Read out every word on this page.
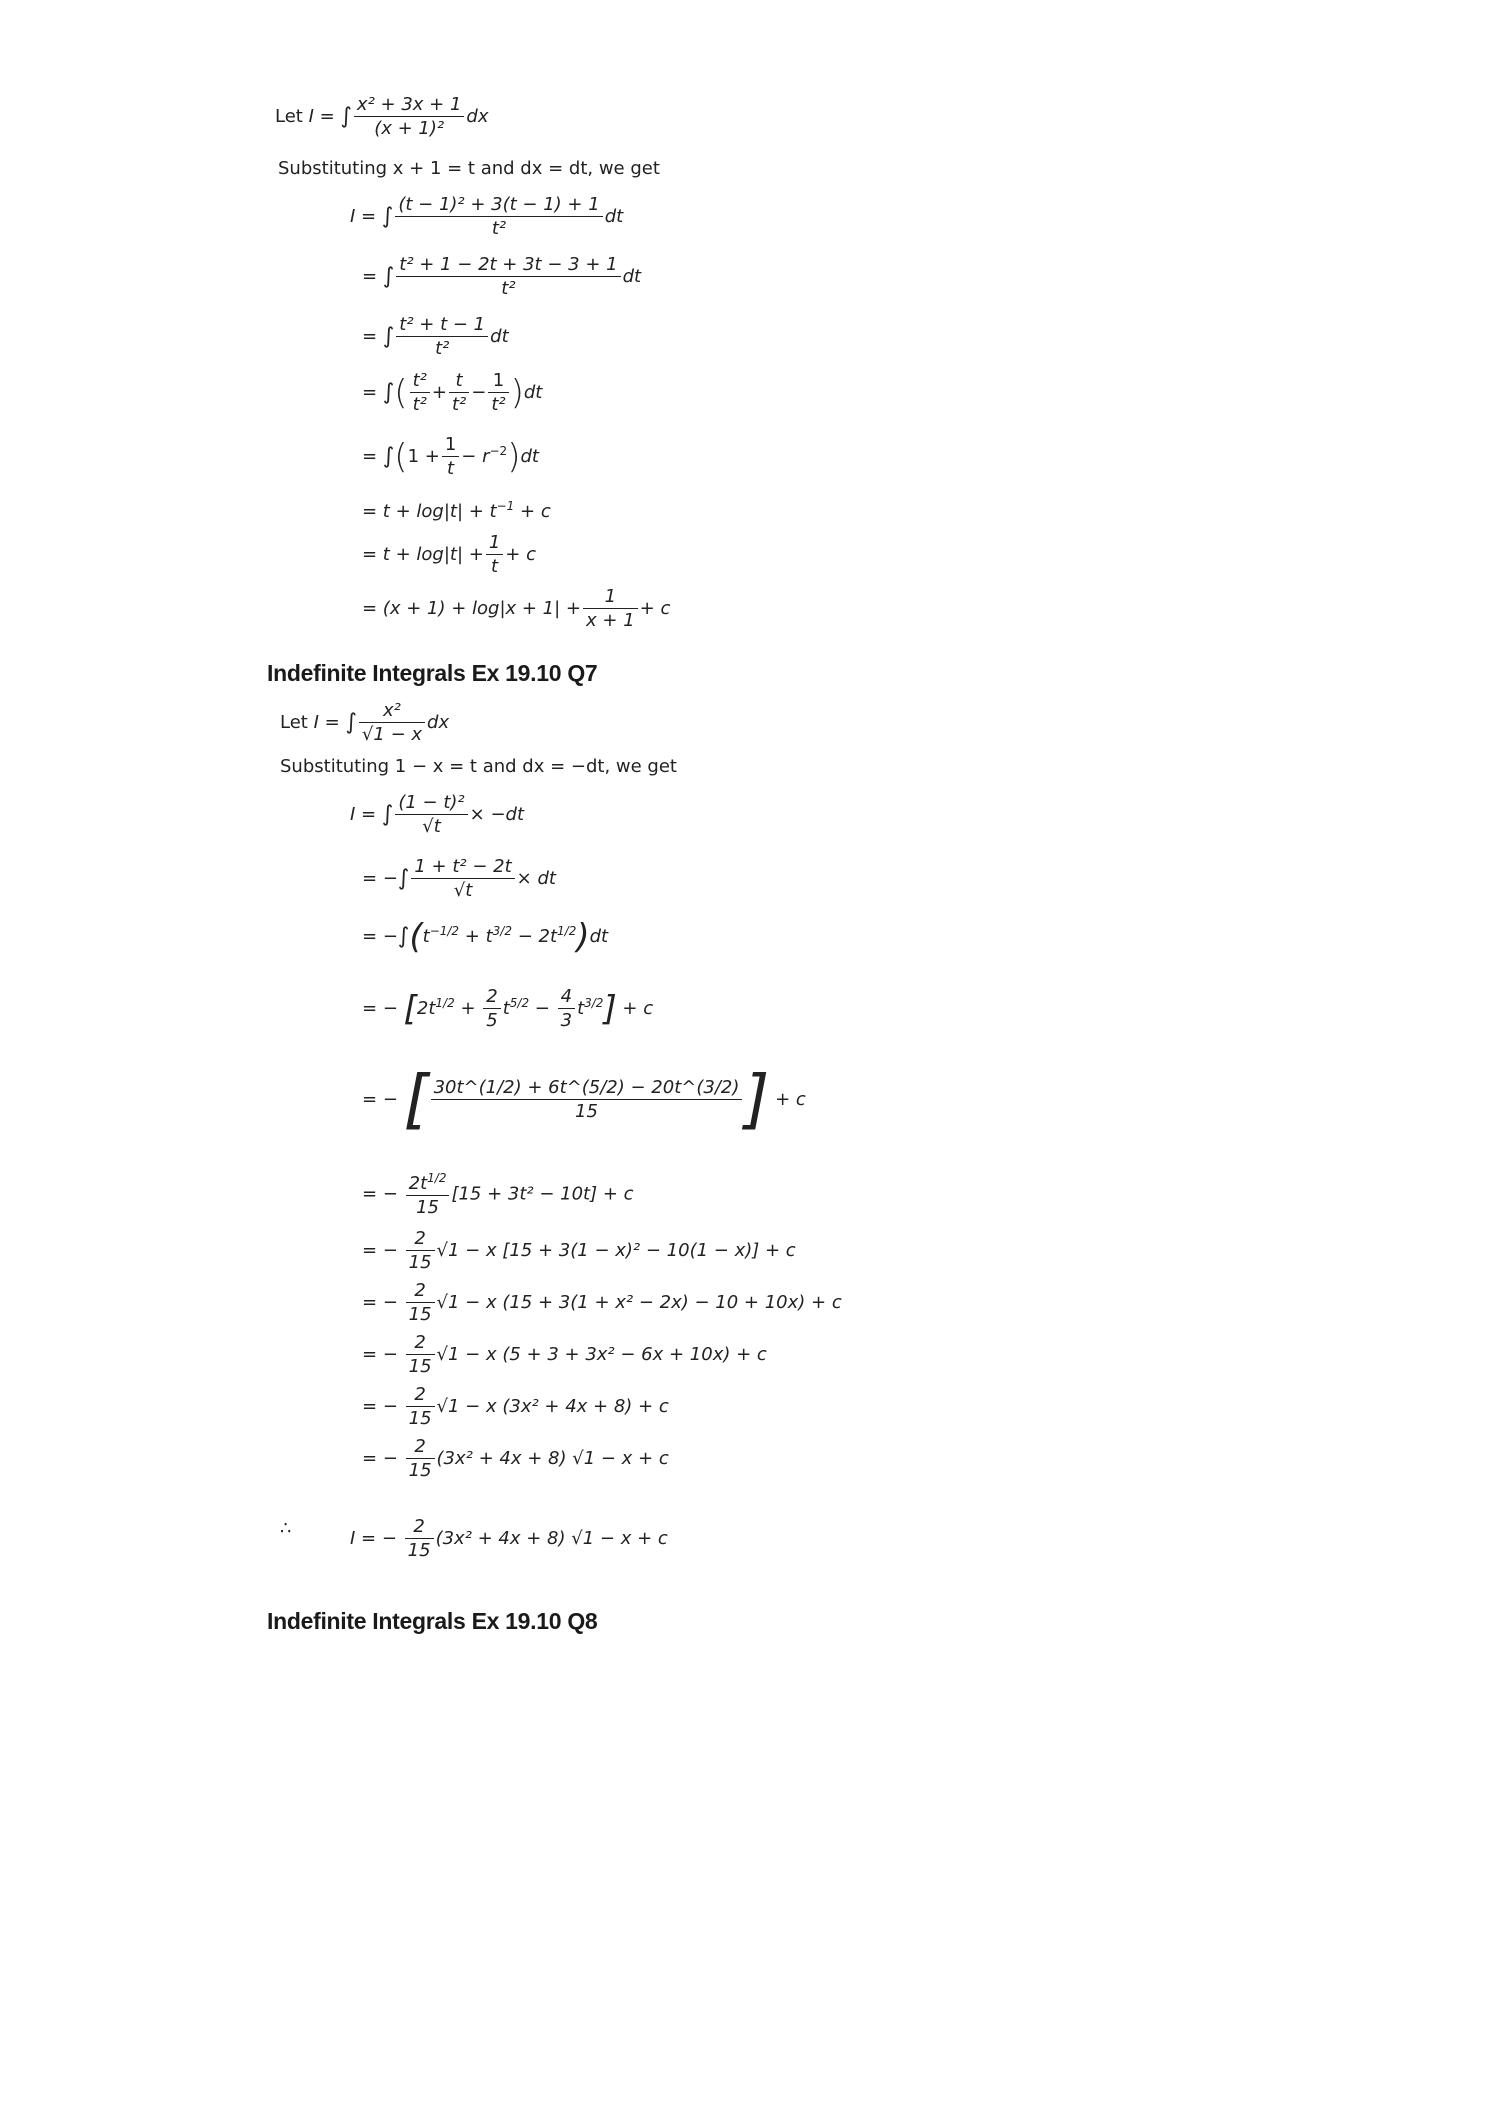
Let I = ∫ $\frac{\text{x² + 3x + 1}}{\text{(x + 1)²}}$ dx
Substituting x + 1 = t and dx = dt, we get
I = ∫ $\frac{\text{(t − 1)² + 3(t − 1) + 1}}{\text{t²}}$ dt
= ∫ $\frac{\text{t² + 1 − 2t + 3t − 3 + 1}}{\text{t²}}$ dt
= ∫ $\frac{\text{t² + t − 1}}{\text{t²}}$ dt
= ∫( $\frac{\text{t²}}{\text{t²}} + \frac{t}{\text{t²}} - \frac{1}{\text{t²}} )dt$
= $\int(1 + \frac{1}{t} - r^{-2})dt$
= $t + \log|t| + t^{-1} + c$
= $t + \log|t| + \frac{1}{t} + c$
= $(x + 1) + \log|x + 1| + \frac{1}{x + 1} + c$
Indefinite Integrals Ex 19.10 Q7
Let I = ∫ $\frac{\text{x²}}{√1 - x}$ dx
Substituting 1 − x = t and dx = −dt, we get
I = ∫ $\frac{\text{(1 − t)²}}{√t} \times -dt$
= −∫ $\frac{\text{1 + t² − 2t}}{√t}$ × dt
= $-\int(t^{-1/2} + t^{3/2} - 2t^{1/2})dt$
= − $[2t^{1/2} + \frac{2}{5} t^{5/2} - \frac{4}{3} t^{3/2}] + c$
= − [ $\frac{30t\^{}(1/2) + 6t\^{}(5/2) - 20t\^{}(3/2)}{15}$ ] + c
= − $\frac{2t^{1/2}}{15} [15 + 3t^2 - 10t] + c$
= − $\frac{2}{15} √1 - x$ [15 + 3(1 − x)² − 10(1 − x)] + c
= − $\frac{2}{15} √1 - x$ (15 + 3(1 + x² − 2x) − 10 + 10x) + c
= − $\frac{2}{15} √1 - x$ (5 + 3 + 3x² − 6x + 10x) + c
= − $\frac{2}{15} √1 - x$ (3x² + 4x + 8) + c
= − $\frac{2}{15} (3x^2 + 4x + 8) √1 - x + c$
∴	I = − $\frac{2}{15} (3x^2 + 4x + 8) √1 - x + c$
Indefinite Integrals Ex 19.10 Q8
